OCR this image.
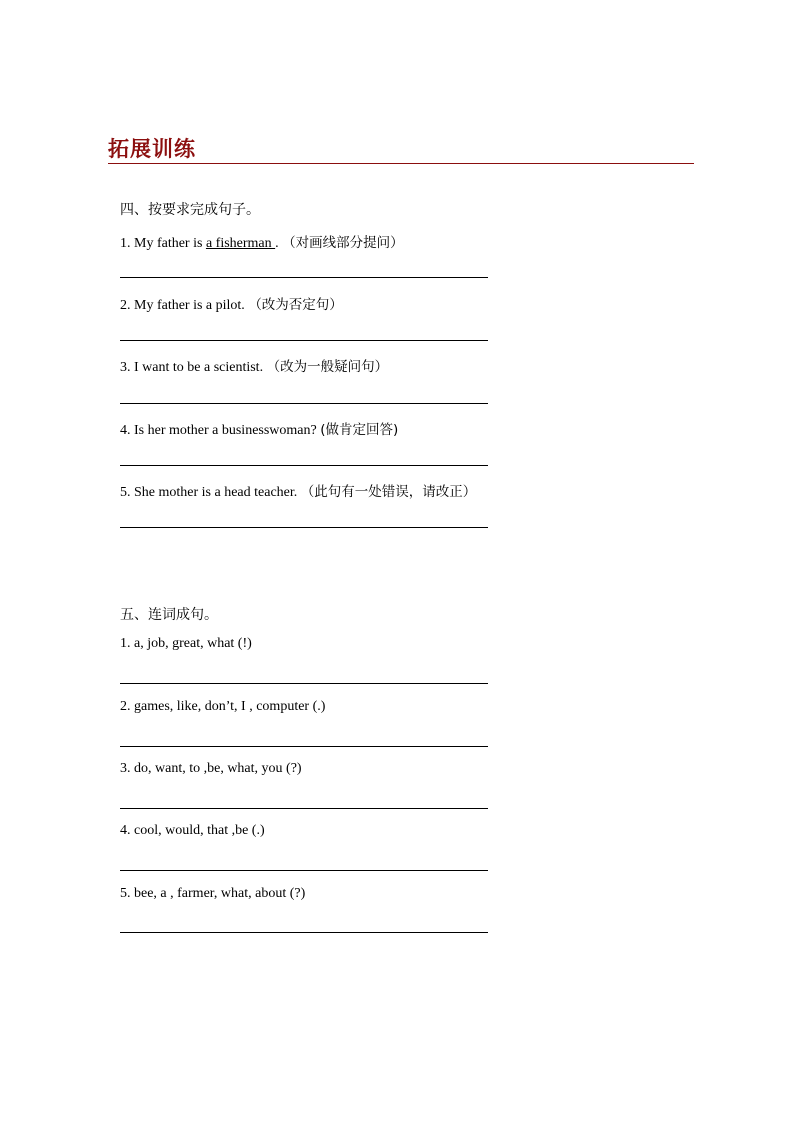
拓展训练
四、按要求完成句子。
1. My father is a fisherman . （对画线部分提问）
2. My father is a pilot. （改为否定句）
3. I want to be a scientist. （改为一般疑问句）
4. Is her mother a businesswoman? (做肯定回答)
5. She mother is a head teacher. （此句有一处错误，请改正）
五、连词成句。
1. a, job, great, what (!)
2. games, like, don’t, I , computer (.)
3. do, want, to ,be, what, you (?)
4. cool, would, that ,be (.)
5. bee, a , farmer, what, about (?)
